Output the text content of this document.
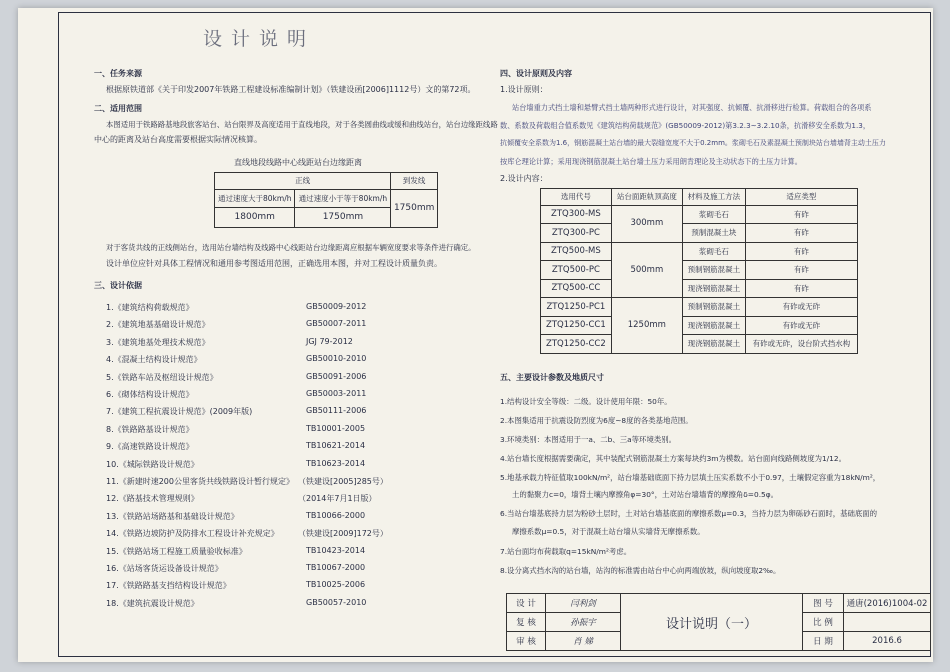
设计说明
一、任务来源
根据原铁道部《关于印发2007年铁路工程建设标准编制计划》（铁建设函[2006]1112号）文的第72项。
二、适用范围
本图适用于铁路路基地段旅客站台、站台限界及高度适用于直线地段，对于各类圆曲线或缓和曲线站台，站台边缘距线路
中心的距离及站台高度需要根据实际情况核算。
直线地段线路中心线距站台边缘距离
正线		到发线
通过速度大于80km/h	通过速度小于等于80km/h	1750mm
1800mm	1750mm	
对于客货共线的正线侧站台，选用站台墙结构及线路中心线距站台边缘距离应根据车辆宽度要求等条件进行确定。
设计单位应针对具体工程情况和通用参考图适用范围，正确选用本图，并对工程设计质量负责。
三、设计依据
1.《建筑结构荷载规范》	GB50009-2012
2.《建筑地基基础设计规范》	GB50007-2011
3.《建筑地基处理技术规范》	JGJ 79-2012
4.《混凝土结构设计规范》	GB50010-2010
5.《铁路车站及枢纽设计规范》	GB50091-2006
6.《砌体结构设计规范》	GB50003-2011
7.《建筑工程抗震设计规范》(2009年版)	GB50111-2006
8.《铁路路基设计规范》	TB10001-2005
9.《高速铁路设计规范》	TB10621-2014
10.《城际铁路设计规范》	TB10623-2014
11.《新建时速200公里客货共线铁路设计暂行规定》 （铁建设[2005]285号）
12.《路基技术管理规则》	（2014年7月1日版）
13.《铁路站场路基和基础设计规范》	TB10066-2000
14.《铁路边坡防护及防排水工程设计补充规定》 （铁建设[2009]172号）
15.《铁路站场工程施工质量验收标准》	TB10423-2014
16.《站场客货运设备设计规范》	TB10067-2000
17.《铁路路基支挡结构设计规范》	TB10025-2006
18.《建筑抗震设计规范》	GB50057-2010
四、设计原则及内容
1.设计原则：
站台墙重力式挡土墙和悬臂式挡土墙两种形式进行设计，对其强度、抗倾覆、抗滑移进行检算。荷载组合的各项系
数、系数及荷载组合值系数见《建筑结构荷载规范》(GB50009-2012)第3.2.3~3.2.10条，抗滑移安全系数为1.3，
抗倾覆安全系数为1.6，钢筋混凝土站台墙的最大裂缝宽度不大于0.2mm。浆砌毛石及素混凝土预制块站台墙墙背主动土压力
按库仑理论计算；采用现浇钢筋混凝土站台墙土压力采用朗肯理论及主动状态下的土压力计算。
2.设计内容：
选用代号	站台面距轨顶高度	材料及施工方法	适应类型
ZTQ300-MS	300mm	浆砌毛石	有砟
ZTQ300-PC		预制混凝土块	有砟
ZTQ500-MS	500mm	浆砌毛石	有砟
ZTQ500-PC		预制钢筋混凝土	有砟
ZTQ500-CC		现浇钢筋混凝土	有砟
ZTQ1250-PC1	1250mm	预制钢筋混凝土	有砟或无砟
ZTQ1250-CC1		现浇钢筋混凝土	有砟或无砟
ZTQ1250-CC2		现浇钢筋混凝土	有砟或无砟，设台阶式挡水构
五、主要设计参数及地质尺寸
1.结构设计安全等级：二级。设计使用年限：50年。
2.本图集适用于抗震设防烈度为6度~8度的各类基地范围。
3.环境类别：本图适用于一a、二b、三a等环境类别。
4.站台墙长度根据需要确定，其中装配式钢筋混凝土方案每块约3m为模数。站台面向线路侧坡度为1/12。
5.地基承载力特征值取100kN/m²，站台墙基础底面下持力层填土压实系数不小于0.97，土壤假定容重为18kN/m²，
土的黏聚力c=0，墙背土壤内摩擦角φ=30°，土对站台墙墙背的摩擦角δ=0.5φ。
6.当站台墙基底持力层为粉砂土层时，土对站台墙基底面的摩擦系数μ=0.3，当持力层为卵砾砂石面时，基础底面的
摩擦系数μ=0.5，对于混凝土站台墙从实墙背无摩擦系数。
7.站台面均布荷载取q=15kN/m²考虑。
8.设分离式挡水沟的站台墙，站沟的标准需由站台中心向两端放坡，纵向坡度取2‰。
设 计	闫利剑	设计说明（一）	图 号	通唐(2016)1004-02
复 核	孙振宇		比 例	
审 核	肖 娣		日 期	2016.6
